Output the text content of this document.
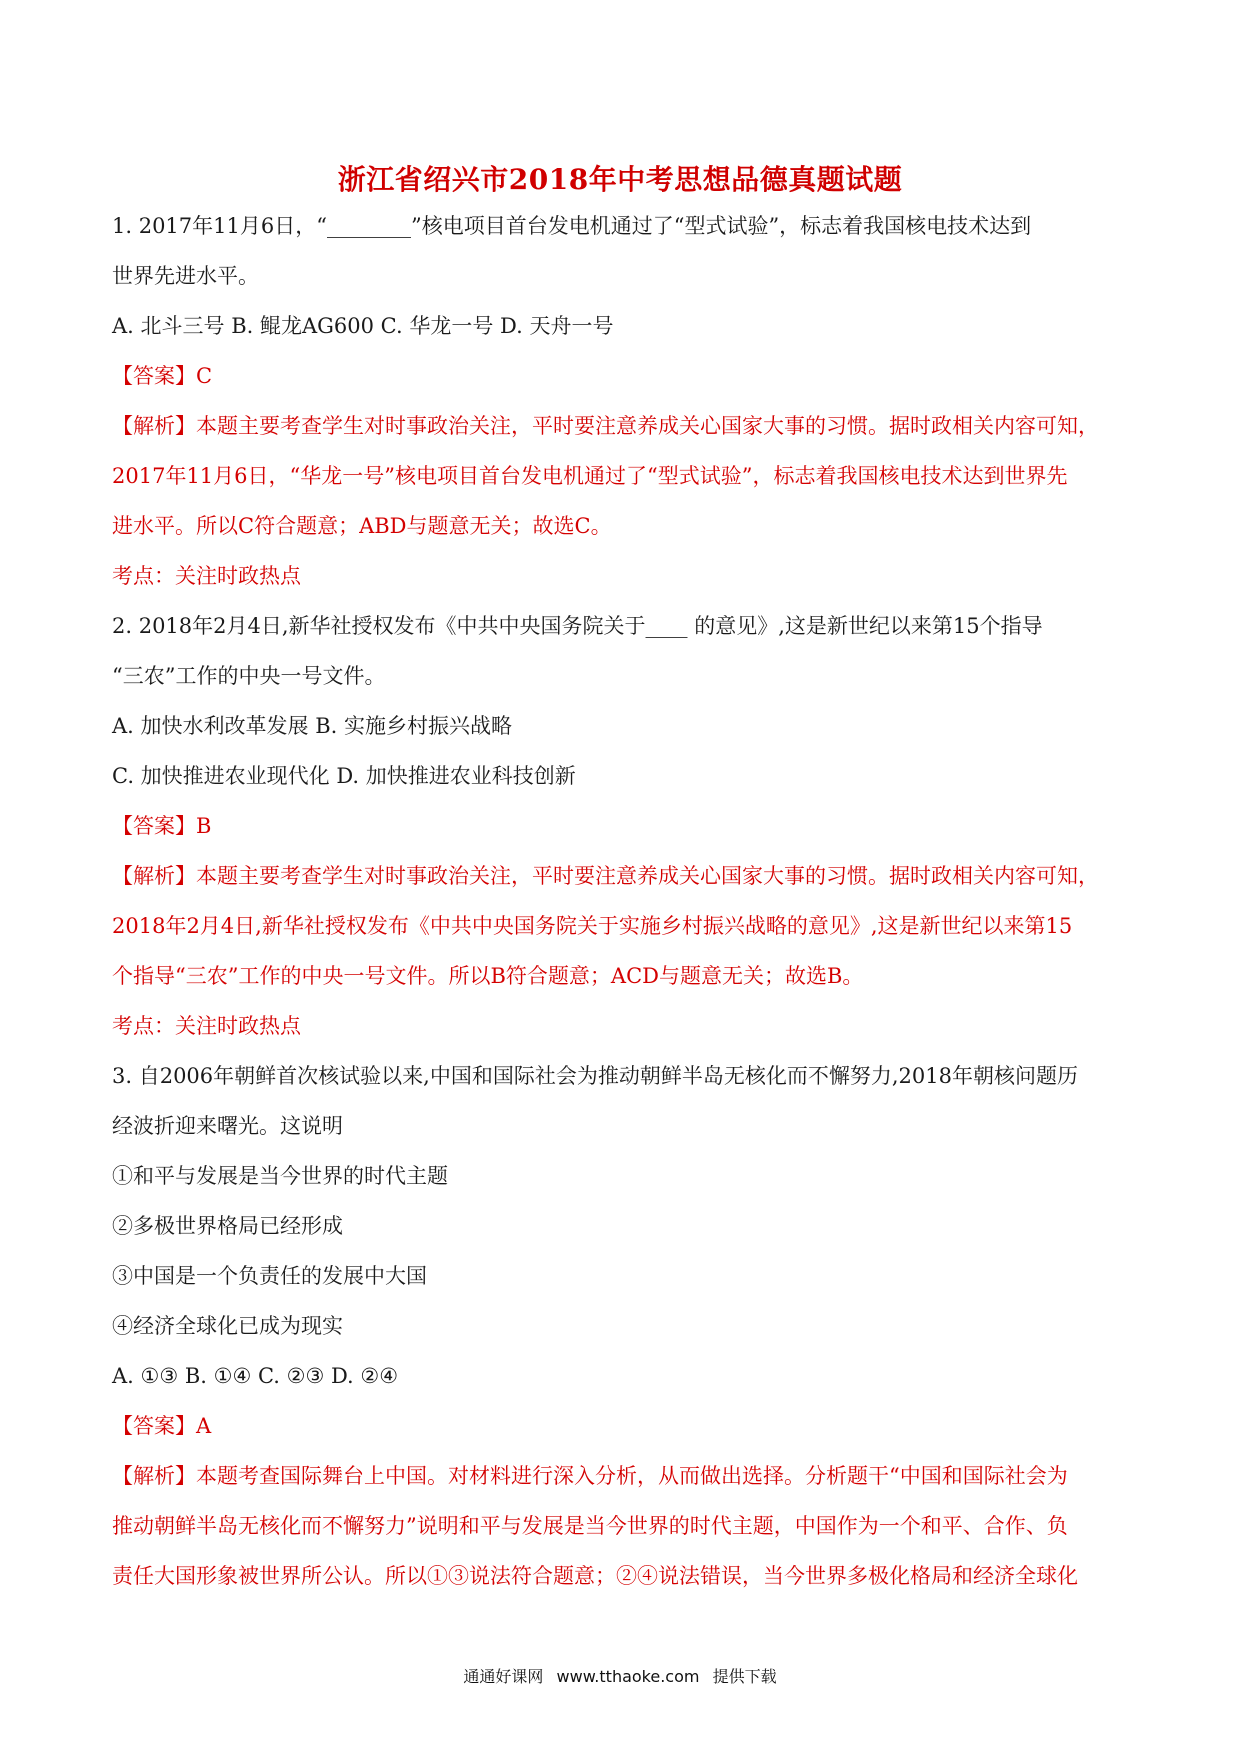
浙江省绍兴市2018年中考思想品德真题试题
1. 2017年11月6日，“________”核电项目首台发电机通过了“型式试验”，标志着我国核电技术达到
世界先进水平。
A. 北斗三号 B. 鲲龙AG600 C. 华龙一号 D. 天舟一号
【答案】C
【解析】本题主要考查学生对时事政治关注，平时要注意养成关心国家大事的习惯。据时政相关内容可知，
2017年11月6日，“华龙一号”核电项目首台发电机通过了“型式试验”，标志着我国核电技术达到世界先
进水平。所以C符合题意；ABD与题意无关；故选C。
考点：关注时政热点
2. 2018年2月4日,新华社授权发布《中共中央国务院关于____ 的意见》,这是新世纪以来第15个指导
“三农”工作的中央一号文件。
A. 加快水利改革发展 B. 实施乡村振兴战略
C. 加快推进农业现代化 D. 加快推进农业科技创新
【答案】B
【解析】本题主要考查学生对时事政治关注，平时要注意养成关心国家大事的习惯。据时政相关内容可知，
2018年2月4日,新华社授权发布《中共中央国务院关于实施乡村振兴战略的意见》,这是新世纪以来第15
个指导“三农”工作的中央一号文件。所以B符合题意；ACD与题意无关；故选B。
考点：关注时政热点
3. 自2006年朝鲜首次核试验以来,中国和国际社会为推动朝鲜半岛无核化而不懈努力,2018年朝核问题历
经波折迎来曙光。这说明
①和平与发展是当今世界的时代主题
②多极世界格局已经形成
③中国是一个负责任的发展中大国
④经济全球化已成为现实
A. ①③ B. ①④ C. ②③ D. ②④
【答案】A
【解析】本题考查国际舞台上中国。对材料进行深入分析，从而做出选择。分析题干“中国和国际社会为
推动朝鲜半岛无核化而不懈努力”说明和平与发展是当今世界的时代主题，中国作为一个和平、合作、负
责任大国形象被世界所公认。所以①③说法符合题意；②④说法错误，当今世界多极化格局和经济全球化
通通好课网 www.tthaoke.com 提供下载
